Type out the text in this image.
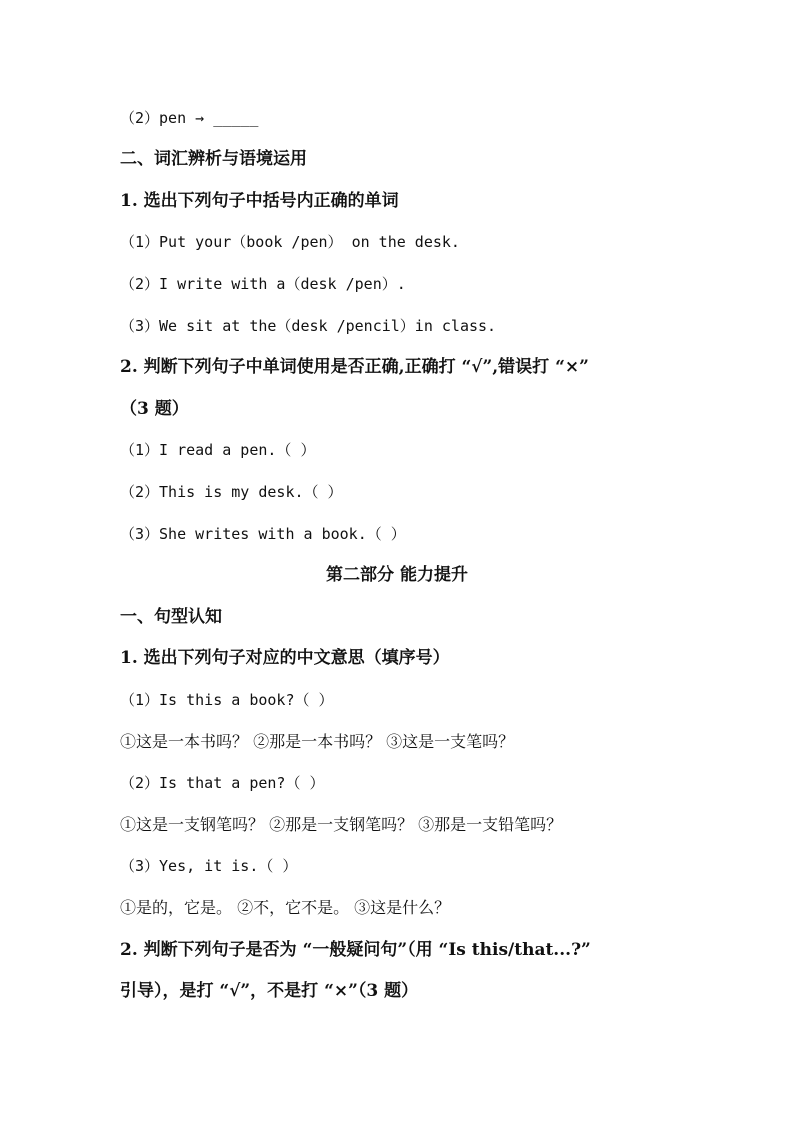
（2）pen → _____
二、词汇辨析与语境运用
1. 选出下列句子中括号内正确的单词
（1）Put your（book /pen） on the desk.
（2）I write with a（desk /pen）.
（3）We sit at the（desk /pencil）in class.
2. 判断下列句子中单词使用是否正确,正确打 “√”,错误打 “×”
（3 题）
（1）I read a pen.（ ）
（2）This is my desk.（ ）
（3）She writes with a book.（ ）
第二部分 能力提升
一、句型认知
1. 选出下列句子对应的中文意思（填序号）
（1）Is this a book?（ ）
①这是一本书吗？ ②那是一本书吗？ ③这是一支笔吗？
（2）Is that a pen?（ ）
①这是一支钢笔吗？ ②那是一支钢笔吗？ ③那是一支铅笔吗？
（3）Yes, it is.（ ）
①是的，它是。 ②不，它不是。 ③这是什么？
2. 判断下列句子是否为 “一般疑问句”（用 “Is this/that...?”
引导），是打 “√”，不是打 “×”（3 题）
